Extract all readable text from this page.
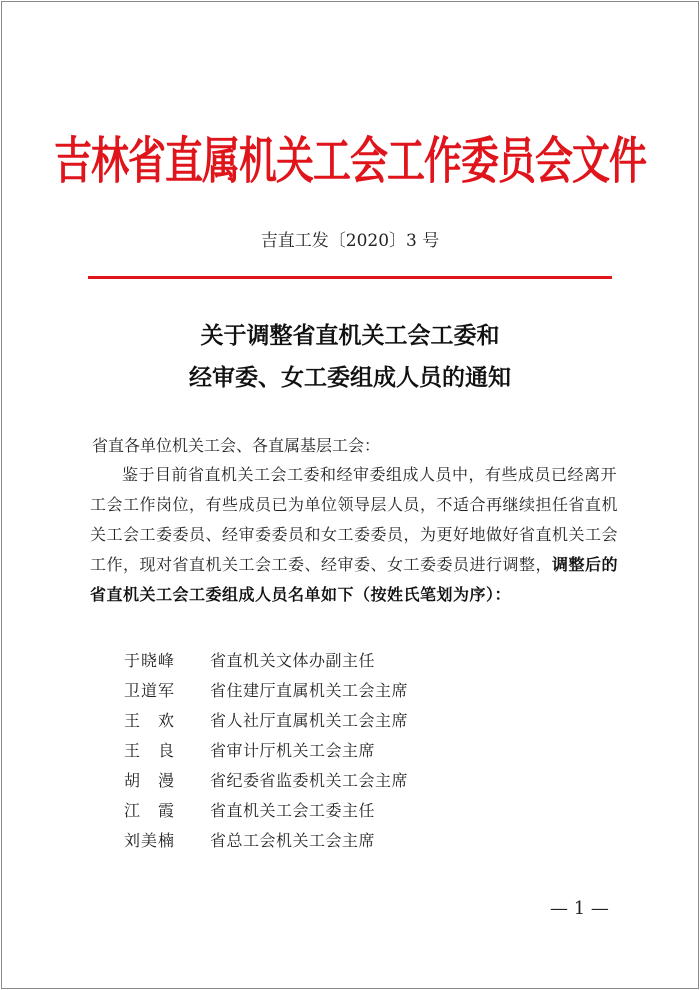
吉林省直属机关工会工作委员会文件
吉直工发〔2020〕3 号
关于调整省直机关工会工委和
经审委、女工委组成人员的通知
省直各单位机关工会、各直属基层工会：

鉴于目前省直机关工会工委和经审委组成人员中，有些成员已经离开工会工作岗位，有些成员已为单位领导层人员，不适合再继续担任省直机关工会工委委员、经审委委员和女工委委员，为更好地做好省直机关工会工作，现对省直机关工会工委、经审委、女工委委员进行调整，调整后的省直机关工会工委组成人员名单如下（按姓氏笔划为序）：

于晓峰	省直机关文体办副主任
卫道军	省住建厅直属机关工会主席
王　欢	省人社厅直属机关工会主席
王　良	省审计厅机关工会主席
胡　漫	省纪委省监委机关工会主席
江　霞	省直机关工会工委主任
刘美楠	省总工会机关工会主席
— 1 —
